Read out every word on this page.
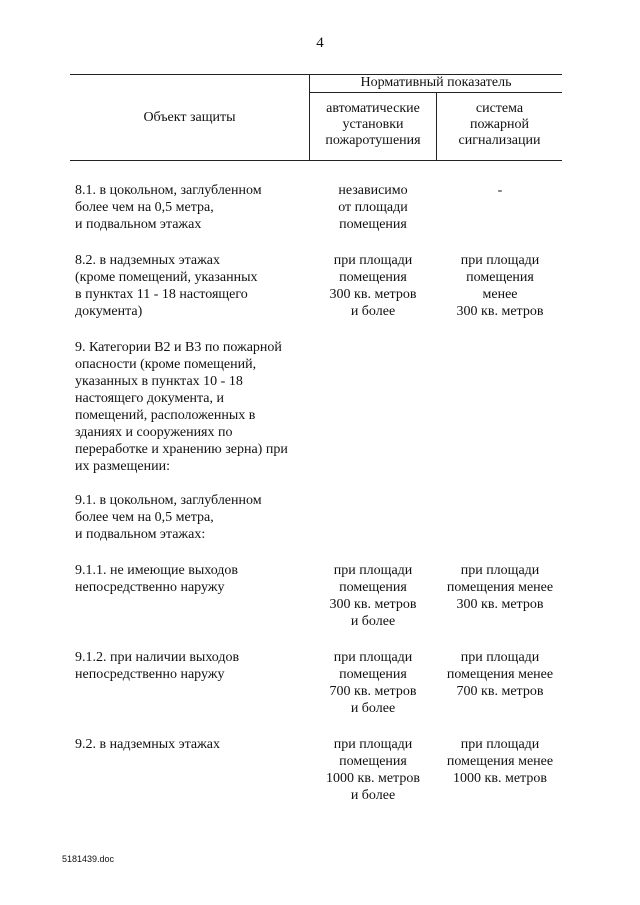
4
Объект защиты
Нормативный показатель
автоматические
установки
пожаротушения
система
пожарной
сигнализации
8.1. в цокольном, заглубленном
более чем на 0,5 метра,
и подвальном этажах
независимо
от площади
помещения
-
8.2. в надземных этажах
(кроме помещений, указанных
в пунктах 11 - 18 настоящего
документа)
при площади
помещения
300 кв. метров
и более
при площади
помещения
менее
300 кв. метров
9. Категории В2 и В3 по пожарной
опасности (кроме помещений,
указанных в пунктах 10 - 18
настоящего документа, и
помещений, расположенных в
зданиях и сооружениях по
переработке и хранению зерна) при
их размещении:
9.1. в цокольном, заглубленном
более чем на 0,5 метра,
и подвальном этажах:
9.1.1. не имеющие выходов
непосредственно наружу
при площади
помещения
300 кв. метров
и более
при площади
помещения менее
300 кв. метров
9.1.2. при наличии выходов
непосредственно наружу
при площади
помещения
700 кв. метров
и более
при площади
помещения менее
700 кв. метров
9.2. в надземных этажах	при площади
помещения
1000 кв. метров
и более
при площади
помещения менее
1000 кв. метров
5181439.doc
